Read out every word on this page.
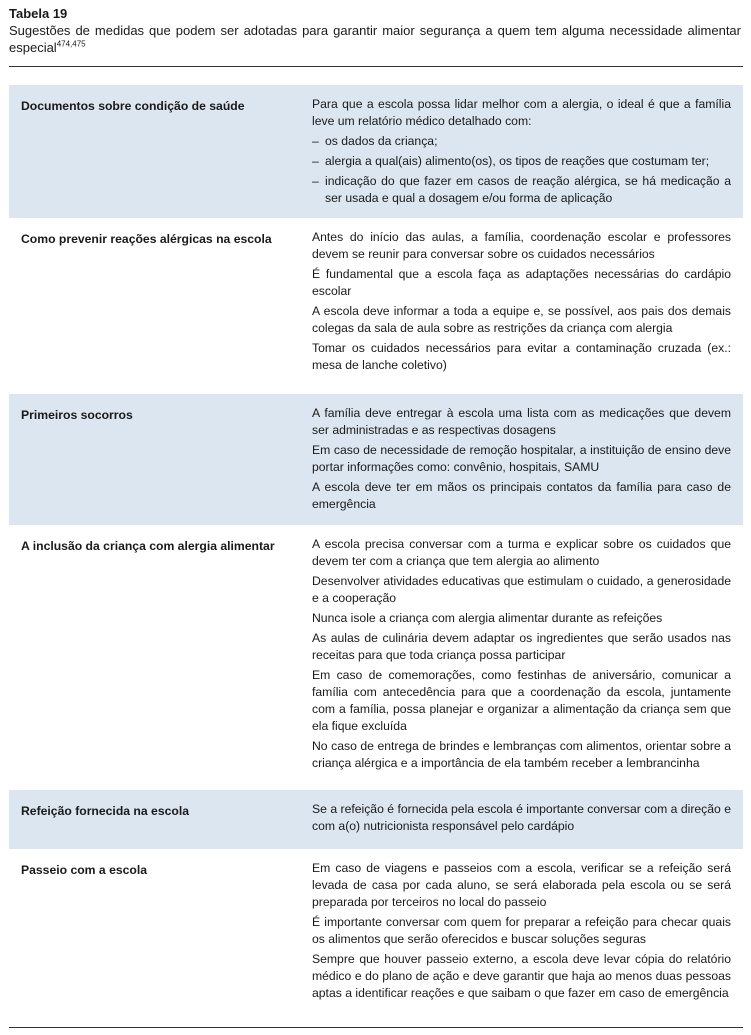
Tabela 19
Sugestões de medidas que podem ser adotadas para garantir maior segurança a quem tem alguma necessidade alimentar especial$^{474,475}$
Documentos sobre condição de saúde	Para que a escola possa lidar melhor com a alergia, o ideal é que a família leve um relatório médico detalhado com:

– os dados da criança;
– alergia a qual(ais) alimento(os), os tipos de reações que costumam ter;
– indicação do que fazer em casos de reação alérgica, se há medicação a ser usada e qual a dosagem e/ou forma de aplicação
Como prevenir reações alérgicas na escola	Antes do início das aulas, a família, coordenação escolar e professores devem se reunir para conversar sobre os cuidados necessários

É fundamental que a escola faça as adaptações necessárias do cardápio escolar

A escola deve informar a toda a equipe e, se possível, aos pais dos demais colegas da sala de aula sobre as restrições da criança com alergia

Tomar os cuidados necessários para evitar a contaminação cruzada (ex.: mesa de lanche coletivo)

Primeiros socorros	A família deve entregar à escola uma lista com as medicações que devem ser administradas e as respectivas dosagens

Em caso de necessidade de remoção hospitalar, a instituição de ensino deve portar informações como: convênio, hospitais, SAMU

A escola deve ter em mãos os principais contatos da família para caso de emergência

A inclusão da criança com alergia alimentar	A escola precisa conversar com a turma e explicar sobre os cuidados que devem ter com a criança que tem alergia ao alimento

Desenvolver atividades educativas que estimulam o cuidado, a generosidade e a cooperação

Nunca isole a criança com alergia alimentar durante as refeições

As aulas de culinária devem adaptar os ingredientes que serão usados nas receitas para que toda criança possa participar

Em caso de comemorações, como festinhas de aniversário, comunicar a família com antecedência para que a coordenação da escola, juntamente com a família, possa planejar e organizar a alimentação da criança sem que ela fique excluída

No caso de entrega de brindes e lembranças com alimentos, orientar sobre a criança alérgica e a importância de ela também receber a lembrancinha

Refeição fornecida na escola	Se a refeição é fornecida pela escola é importante conversar com a direção e com a(o) nutricionista responsável pelo cardápio

Passeio com a escola	Em caso de viagens e passeios com a escola, verificar se a refeição será levada de casa por cada aluno, se será elaborada pela escola ou se será preparada por terceiros no local do passeio

É importante conversar com quem for preparar a refeição para checar quais os alimentos que serão oferecidos e buscar soluções seguras

Sempre que houver passeio externo, a escola deve levar cópia do relatório médico e do plano de ação e deve garantir que haja ao menos duas pessoas aptas a identificar reações e que saibam o que fazer em caso de emergência
